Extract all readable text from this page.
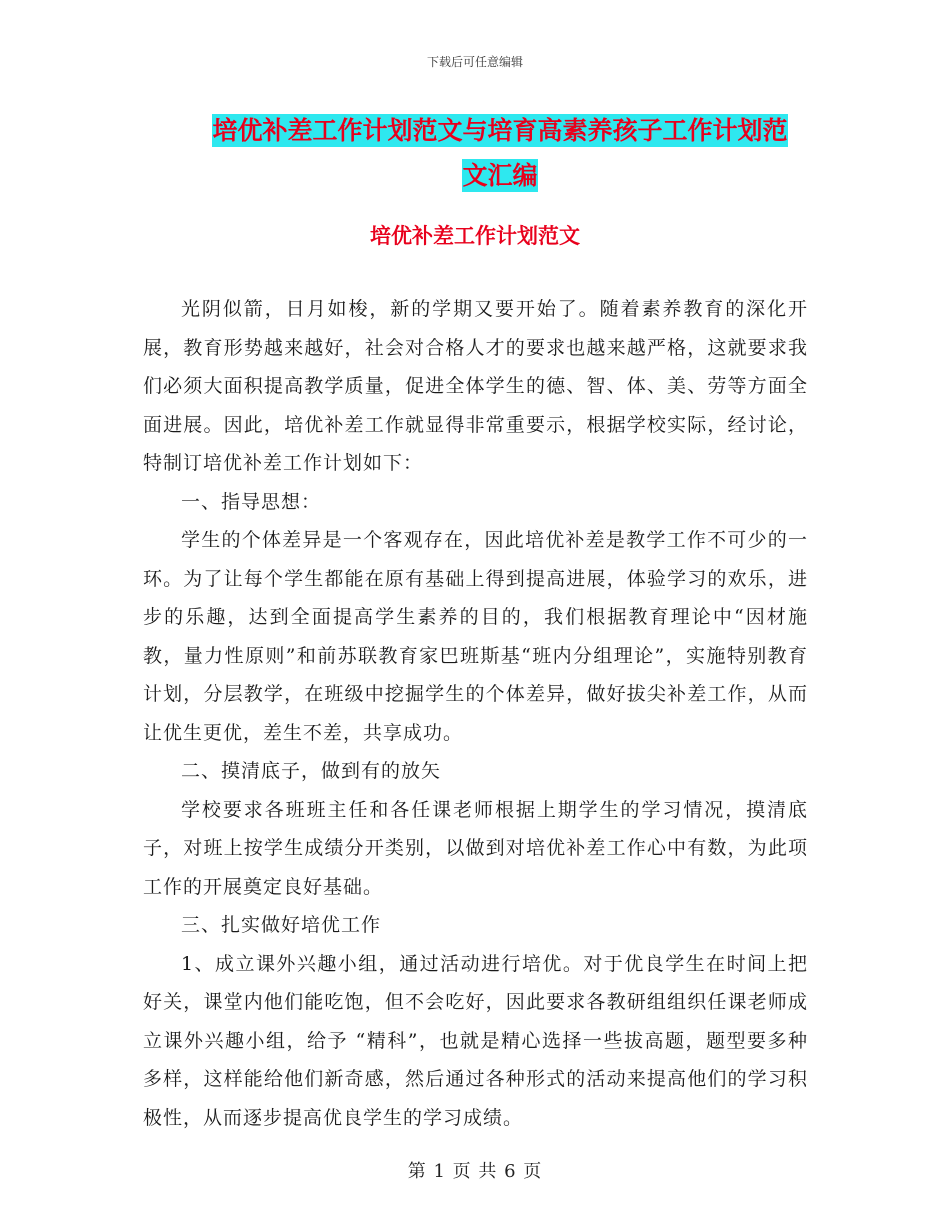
下载后可任意编辑
培优补差工作计划范文与培育高素养孩子工作计划范
文汇编
培优补差工作计划范文

光阴似箭，日月如梭，新的学期又要开始了。随着素养教育的深化开展，教育形势越来越好，社会对合格人才的要求也越来越严格，这就要求我们必须大面积提高教学质量，促进全体学生的德、智、体、美、劳等方面全面进展。因此，培优补差工作就显得非常重要示，根据学校实际，经讨论，特制订培优补差工作计划如下：

一、指导思想：

学生的个体差异是一个客观存在，因此培优补差是教学工作不可少的一环。为了让每个学生都能在原有基础上得到提高进展，体验学习的欢乐，进步的乐趣，达到全面提高学生素养的目的，我们根据教育理论中“因材施教，量力性原则”和前苏联教育家巴班斯基“班内分组理论”，实施特别教育计划，分层教学，在班级中挖掘学生的个体差异，做好拔尖补差工作，从而让优生更优，差生不差，共享成功。

二、摸清底子，做到有的放矢

学校要求各班班主任和各任课老师根据上期学生的学习情况，摸清底子，对班上按学生成绩分开类别，以做到对培优补差工作心中有数，为此项工作的开展奠定良好基础。

三、扎实做好培优工作

1、成立课外兴趣小组，通过活动进行培优。对于优良学生在时间上把好关，课堂内他们能吃饱，但不会吃好，因此要求各教研组组织任课老师成立课外兴趣小组，给予 “精科”，也就是精心选择一些拔高题，题型要多种多样，这样能给他们新奇感，然后通过各种形式的活动来提高他们的学习积极性，从而逐步提高优良学生的学习成绩。

第 1 页 共 6 页
